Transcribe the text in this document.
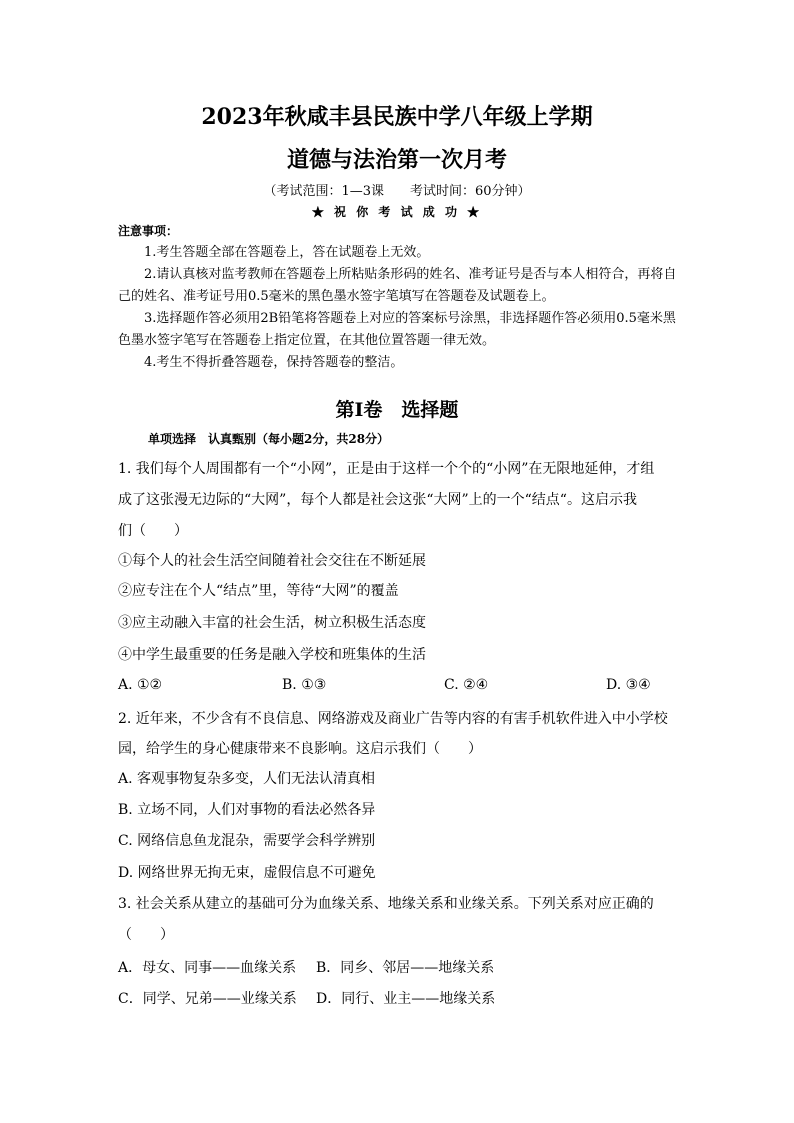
2023年秋咸丰县民族中学八年级上学期
道德与法治第一次月考
（考试范围：1—3课　　考试时间：60分钟）
★ 祝 你 考 试 成 功 ★
注意事项：

1.考生答题全部在答题卷上，答在试题卷上无效。

2.请认真核对监考教师在答题卷上所粘贴条形码的姓名、准考证号是否与本人相符合，再将自己的姓名、准考证号用0.5毫米的黑色墨水签字笔填写在答题卷及试题卷上。

3.选择题作答必须用2B铅笔将答题卷上对应的答案标号涂黑，非选择题作答必须用0.5毫米黑色墨水签字笔写在答题卷上指定位置，在其他位置答题一律无效。

4.考生不得折叠答题卷，保持答题卷的整洁。

第Ⅰ卷　选择题
单项选择　认真甄别（每小题2分，共28分）
1. 我们每个人周围都有一个“小网”，正是由于这样一个个的“小网”在无限地延伸，才组
成了这张漫无边际的“大网”，每个人都是社会这张“大网”上的一个“结点“。这启示我
们（　　）
①每个人的社会生活空间随着社会交往在不断延展
②应专注在个人“结点”里，等待“大网”的覆盖
③应主动融入丰富的社会生活，树立积极生活态度
④中学生最重要的任务是融入学校和班集体的生活
A. ①②	B. ①③	C. ②④	D. ③④
2. 近年来，不少含有不良信息、网络游戏及商业广告等内容的有害手机软件进入中小学校
园，给学生的身心健康带来不良影响。这启示我们（　　）
A. 客观事物复杂多变，人们无法认清真相
B. 立场不同，人们对事物的看法必然各异
C. 网络信息鱼龙混杂，需要学会科学辨别
D. 网络世界无拘无束，虚假信息不可避免
3. 社会关系从建立的基础可分为血缘关系、地缘关系和业缘关系。下列关系对应正确的
（　　）
A．母女、同事——血缘关系 B．同乡、邻居——地缘关系
C．同学、兄弟——业缘关系 D．同行、业主——地缘关系
